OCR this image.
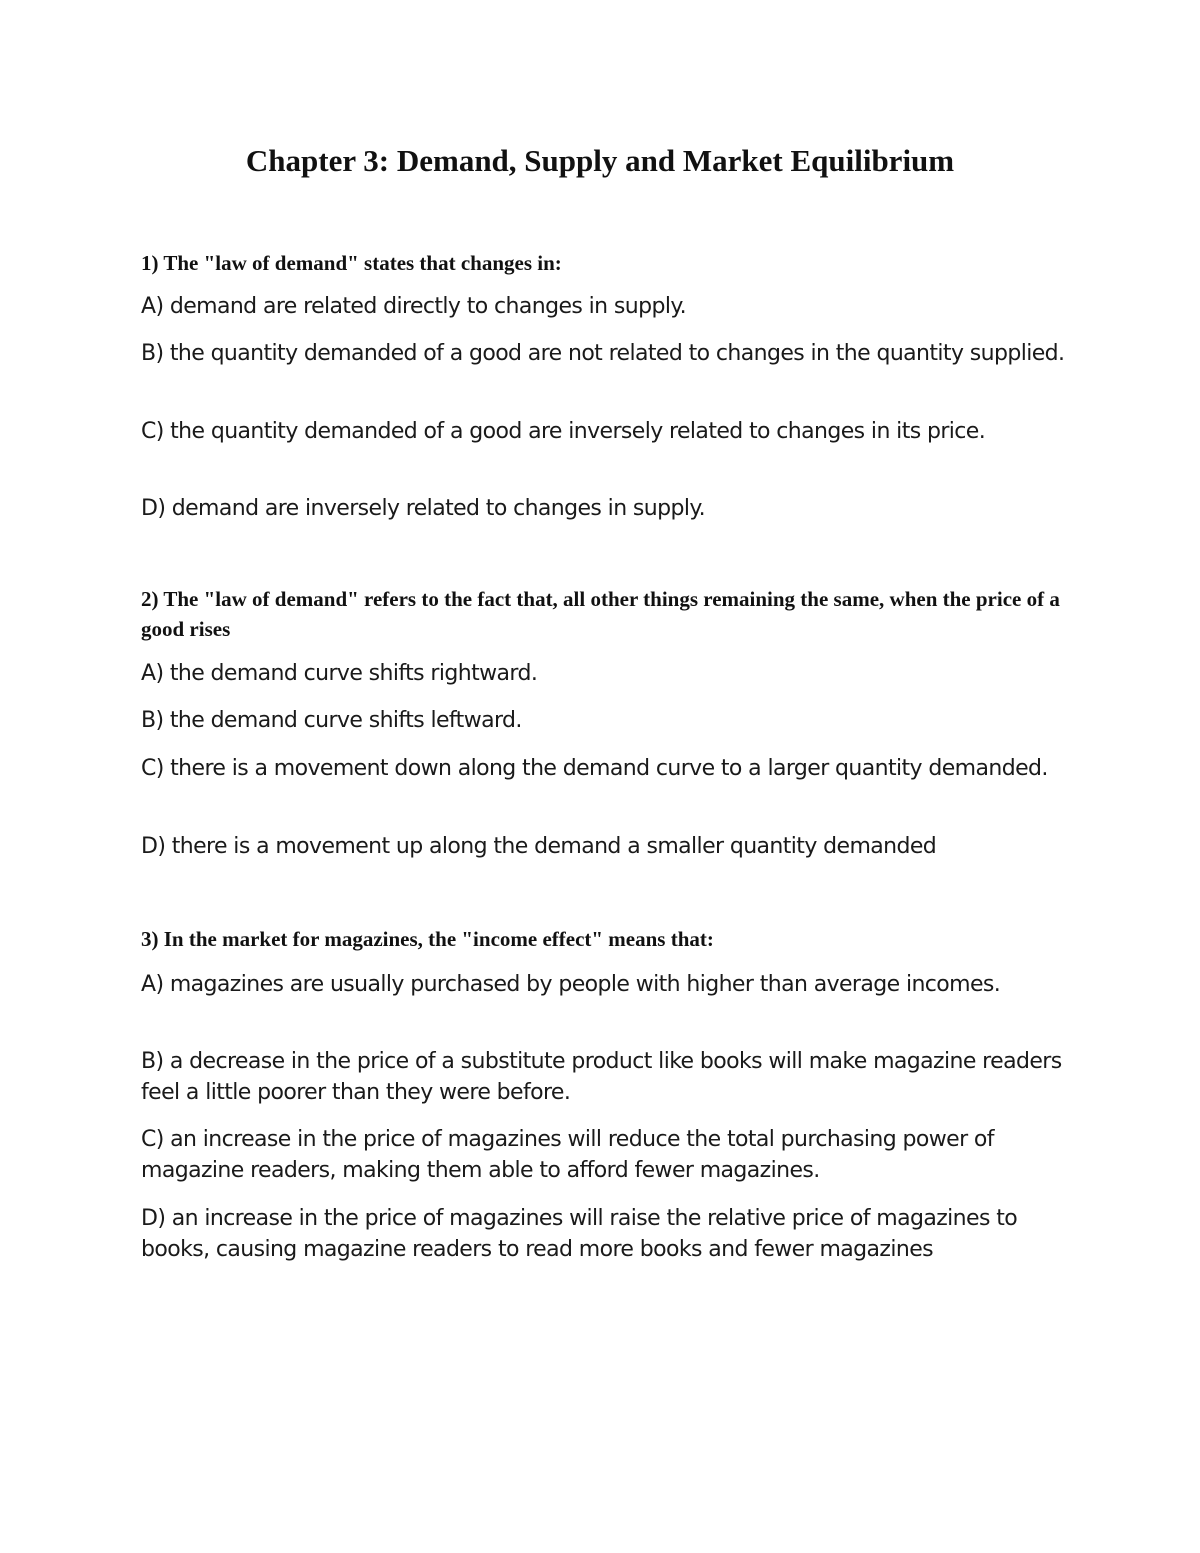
Chapter 3: Demand, Supply and Market Equilibrium

1) The "law of demand" states that changes in:

A) demand are related directly to changes in supply.

B) the quantity demanded of a good are not related to changes in the quantity supplied.

C) the quantity demanded of a good are inversely related to changes in its price.

D) demand are inversely related to changes in supply.

2) The "law of demand" refers to the fact that, all other things remaining the same, when the price of a good rises

A) the demand curve shifts rightward.

B) the demand curve shifts leftward.

C) there is a movement down along the demand curve to a larger quantity demanded.

D) there is a movement up along the demand a smaller quantity demanded

3) In the market for magazines, the "income effect" means that:

A) magazines are usually purchased by people with higher than average incomes.

B) a decrease in the price of a substitute product like books will make magazine readers feel a little poorer than they were before.

C) an increase in the price of magazines will reduce the total purchasing power of magazine readers, making them able to afford fewer magazines.

D) an increase in the price of magazines will raise the relative price of magazines to books, causing magazine readers to read more books and fewer magazines
